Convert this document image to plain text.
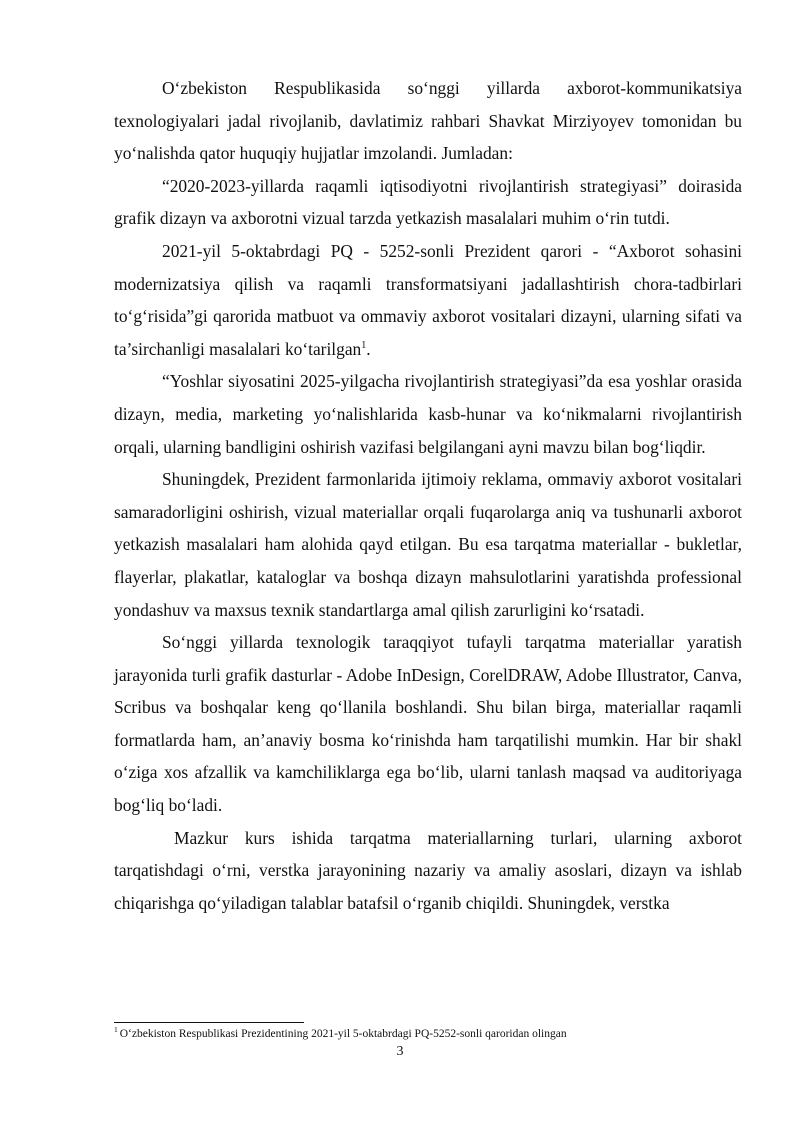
O‘zbekiston Respublikasida so‘nggi yillarda axborot-kommunikatsiya texnologiyalari jadal rivojlanib, davlatimiz rahbari Shavkat Mirziyoyev tomonidan bu yo‘nalishda qator huquqiy hujjatlar imzolandi. Jumladan:

“2020-2023-yillarda raqamli iqtisodiyotni rivojlantirish strategiyasi” doirasida grafik dizayn va axborotni vizual tarzda yetkazish masalalari muhim o‘rin tutdi.

2021-yil 5-oktabrdagi PQ - 5252-sonli Prezident qarori - “Axborot sohasini modernizatsiya qilish va raqamli transformatsiyani jadallashtirish chora-tadbirlari to‘g‘risida”gi qarorida matbuot va ommaviy axborot vositalari dizayni, ularning sifati va ta’sirchanligi masalalari ko‘tarilgan$^1$.

“Yoshlar siyosatini 2025-yilgacha rivojlantirish strategiyasi”da esa yoshlar orasida dizayn, media, marketing yo‘nalishlarida kasb-hunar va ko‘nikmalarni rivojlantirish orqali, ularning bandligini oshirish vazifasi belgilangani ayni mavzu bilan bog‘liqdir.

Shuningdek, Prezident farmonlarida ijtimoiy reklama, ommaviy axborot vositalari samaradorligini oshirish, vizual materiallar orqali fuqarolarga aniq va tushunarli axborot yetkazish masalalari ham alohida qayd etilgan. Bu esa tarqatma materiallar - bukletlar, flayerlar, plakatlar, kataloglar va boshqa dizayn mahsulotlarini yaratishda professional yondashuv va maxsus texnik standartlarga amal qilish zarurligini ko‘rsatadi.

So‘nggi yillarda texnologik taraqqiyot tufayli tarqatma materiallar yaratish jarayonida turli grafik dasturlar - Adobe InDesign, CorelDRAW, Adobe Illustrator, Canva, Scribus va boshqalar keng qo‘llanila boshlandi. Shu bilan birga, materiallar raqamli formatlarda ham, an’anaviy bosma ko‘rinishda ham tarqatilishi mumkin. Har bir shakl o‘ziga xos afzallik va kamchiliklarga ega bo‘lib, ularni tanlash maqsad va auditoriyaga bog‘liq bo‘ladi.

Mazkur kurs ishida tarqatma materiallarning turlari, ularning axborot tarqatishdagi o‘rni, verstka jarayonining nazariy va amaliy asoslari, dizayn va ishlab chiqarishga qo‘yiladigan talablar batafsil o‘rganib chiqildi. Shuningdek, verstka

$^1$ O‘zbekiston Respublikasi Prezidentining 2021-yil 5-oktabrdagi PQ-5252-sonli qaroridan olingan
3
